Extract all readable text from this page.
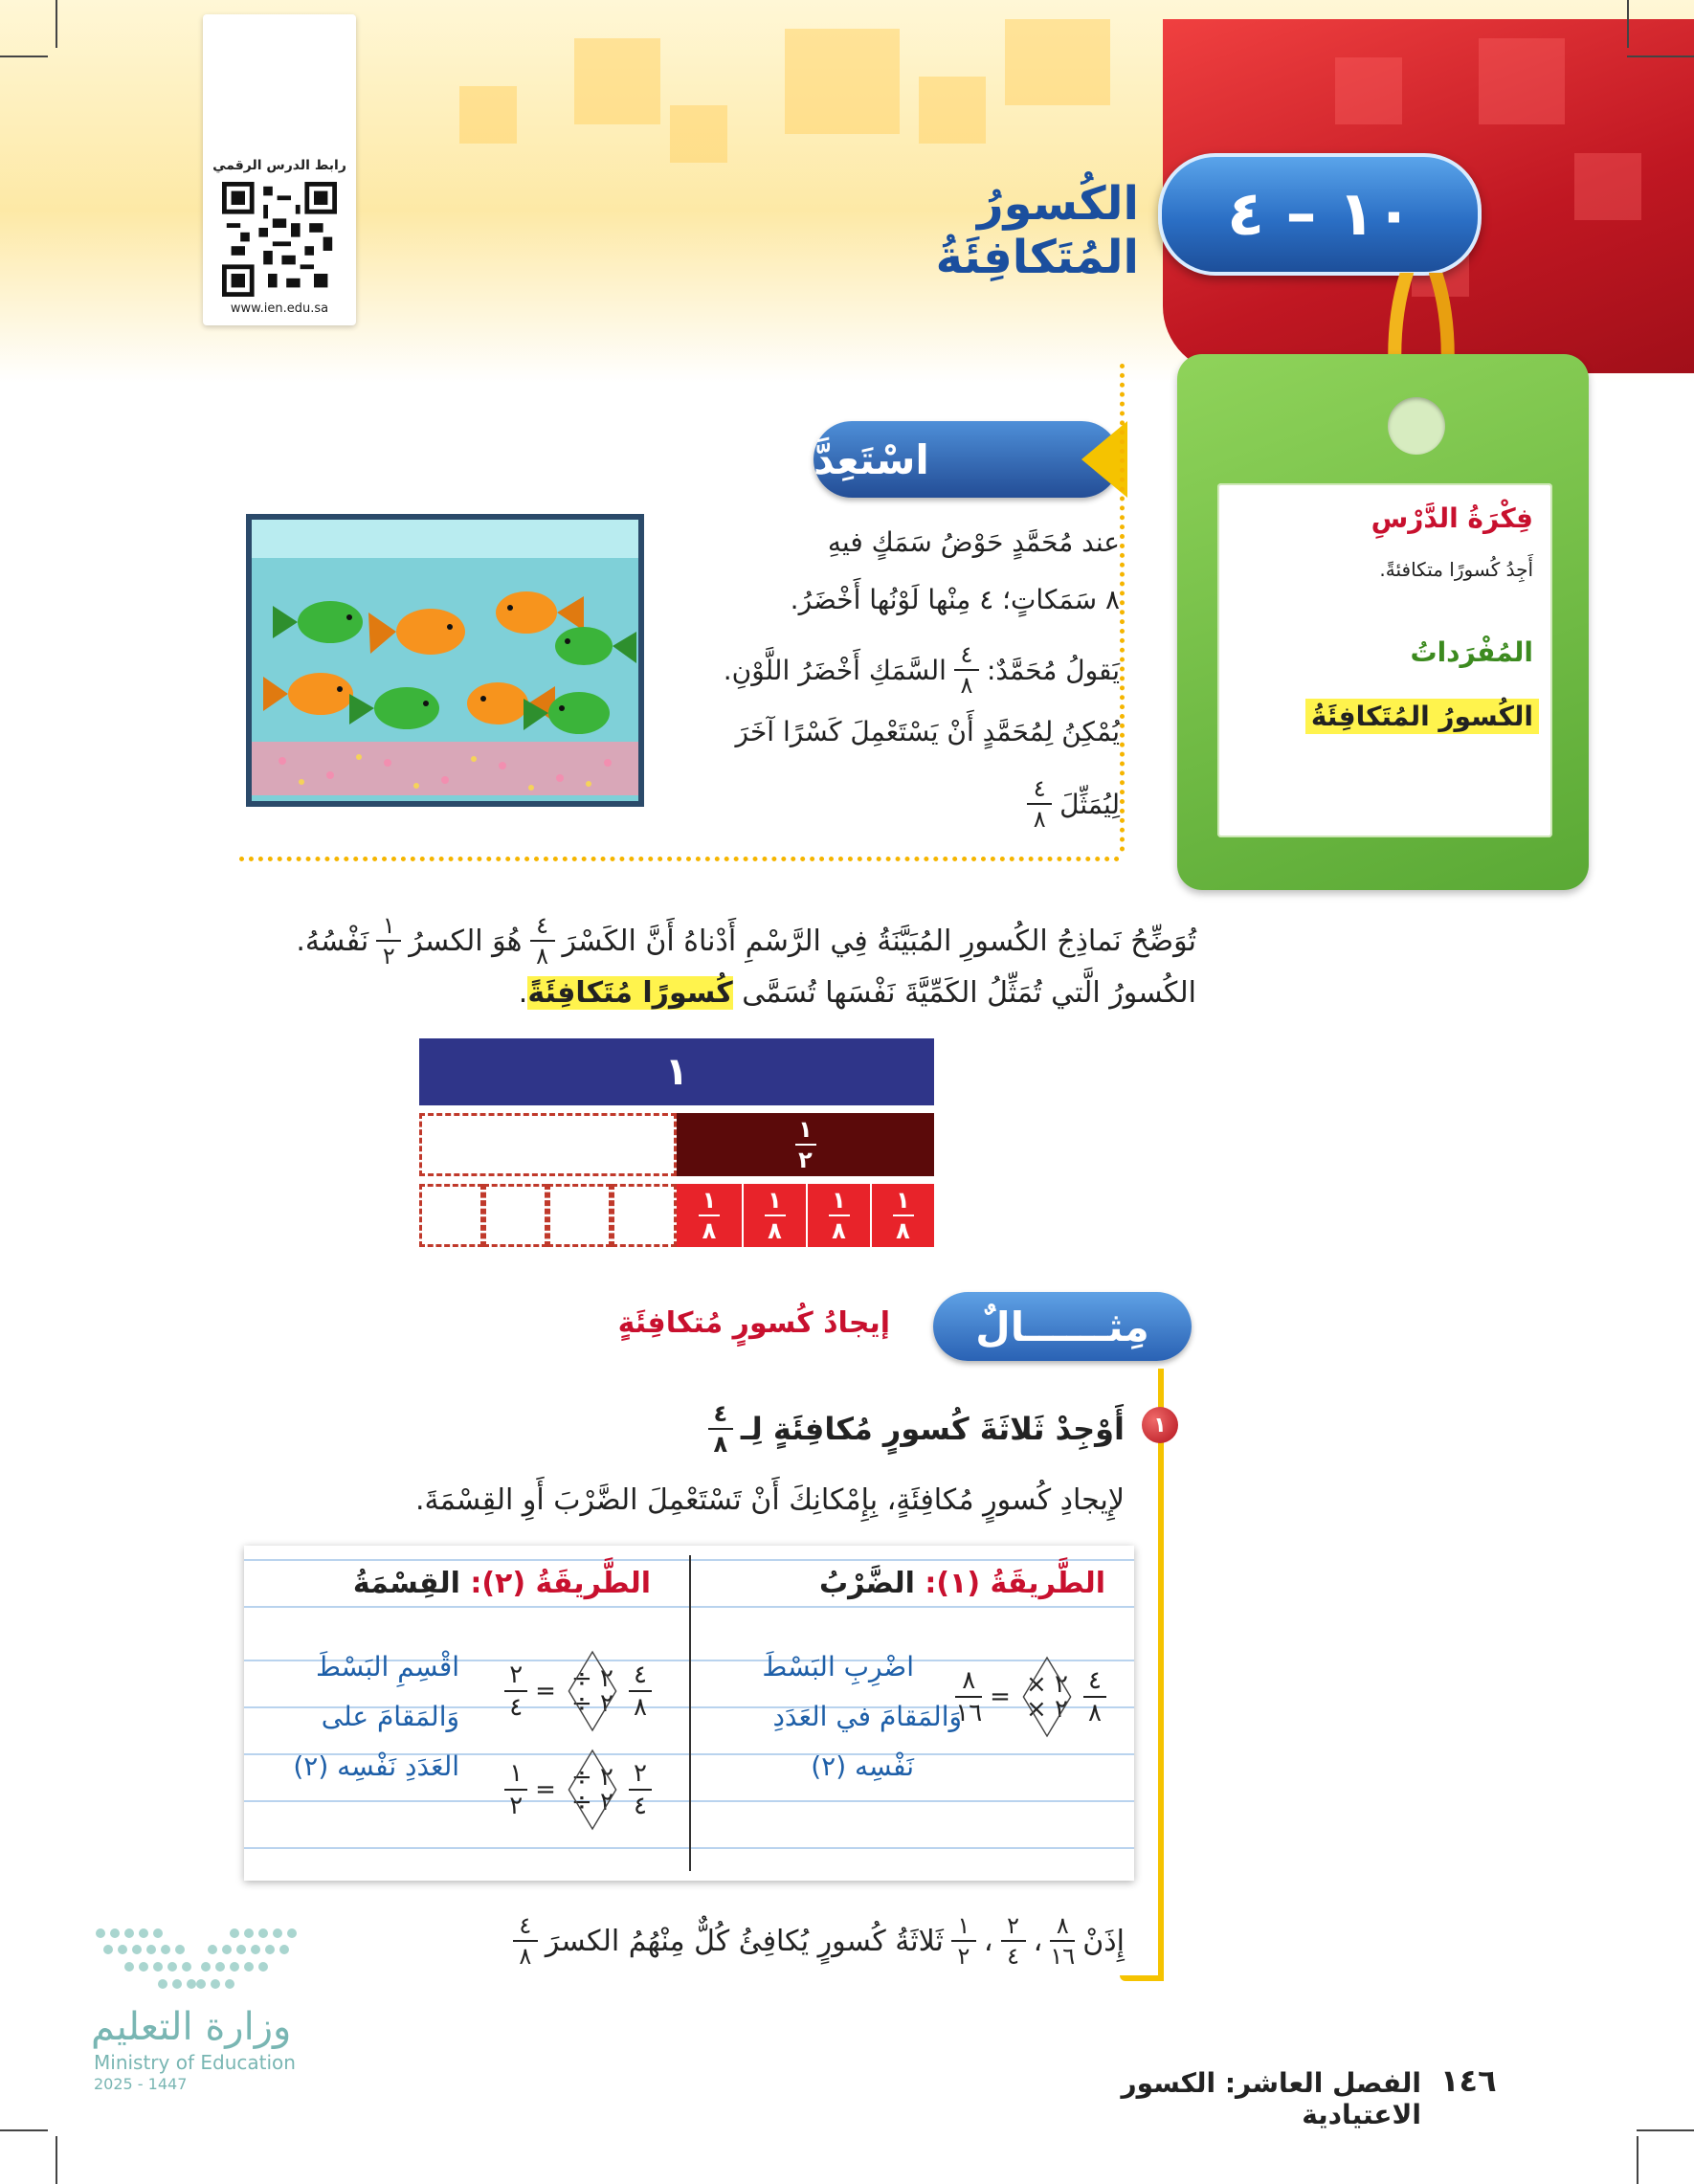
رابط الدرس الرقمي
www.ien.edu.sa
١٠ – ٤
الكُسورُ المُتَكافِئَةُ
فِكْرَةُ الدَّرْسِ
أَجِدُ كُسورًا متكافئةً.
المُفْرَداتُ
الكُسورُ المُتَكافِئَةُ
اسْتَعِدَّ
عند مُحَمَّدٍ حَوْضُ سَمَكٍ فيهِ
٨ سَمَكاتٍ؛ ٤ مِنْها لَوْنُها أَخْضَرُ.
يَقولُ مُحَمَّدٌ:
$\frac{٤}{٨}$
السَّمَكِ أَخْضَرُ اللَّوْنِ.
يُمْكِنُ لِمُحَمَّدٍ أَنْ يَسْتَعْمِلَ كَسْرًا آخَرَ
لِيُمَثِّلَ
$\frac{٤}{٨}$
تُوَضِّحُ نَماذِجُ الكُسورِ المُبَيَّنَةُ فِي الرَّسْمِ أَدْناهُ أَنَّ الكَسْرَ
$\frac{٤}{٨}$
هُوَ الكسرُ
$\frac{١}{٢}$
نَفْسُهُ.
الكُسورُ الَّتي تُمَثِّلُ الكَمِّيَّةَ نَفْسَها تُسَمَّى كُسورًا مُتَكافِئَةً.
١
$\frac{١}{٢}$
$\frac{١}{٨}$
$\frac{١}{٨}$
$\frac{١}{٨}$
$\frac{١}{٨}$
مِثــــــالٌ
إيجادُ كُسورٍ مُتكافِئَةٍ
١
أَوْجِدْ ثَلاثَةَ كُسورٍ مُكافِئَةٍ لِـ
$\frac{٤}{٨}$
لإِيجادِ كُسورٍ مُكافِئَةٍ، بِإِمْكانِكَ أَنْ تَسْتَعْمِلَ الضَّرْبَ أَوِ القِسْمَةَ.
الطَّريقَةُ (١): الضَّرْبُ
٨
١٦
= × ٢
× ٢
٤
٨
اضْرِبِ البَسْطَ
وَالمَقامَ في العَدَدِ
نَفْسِه (٢)
الطَّريقَةُ (٢): القِسْمَةُ
٢
٤
= ÷ ٢
÷ ٢
٤
٨
١
٢
= ÷ ٢
÷ ٢
٢
٤
اقْسِمِ البَسْطَ
وَالمَقامَ على
العَدَدِ نَفْسِه (٢)
إِذَنْ
$\frac{٨}{١٦}$
،
$\frac{٢}{٤}$
،
$\frac{١}{٢}$
ثَلاثَةُ كُسورٍ يُكافِئُ كُلٌّ مِنْهُمُ الكسرَ
$\frac{٤}{٨}$
وزارة التعليم
Ministry of Education
2025 - 1447	١٤٦
الفصل العاشر: الكسور الاعتيادية
